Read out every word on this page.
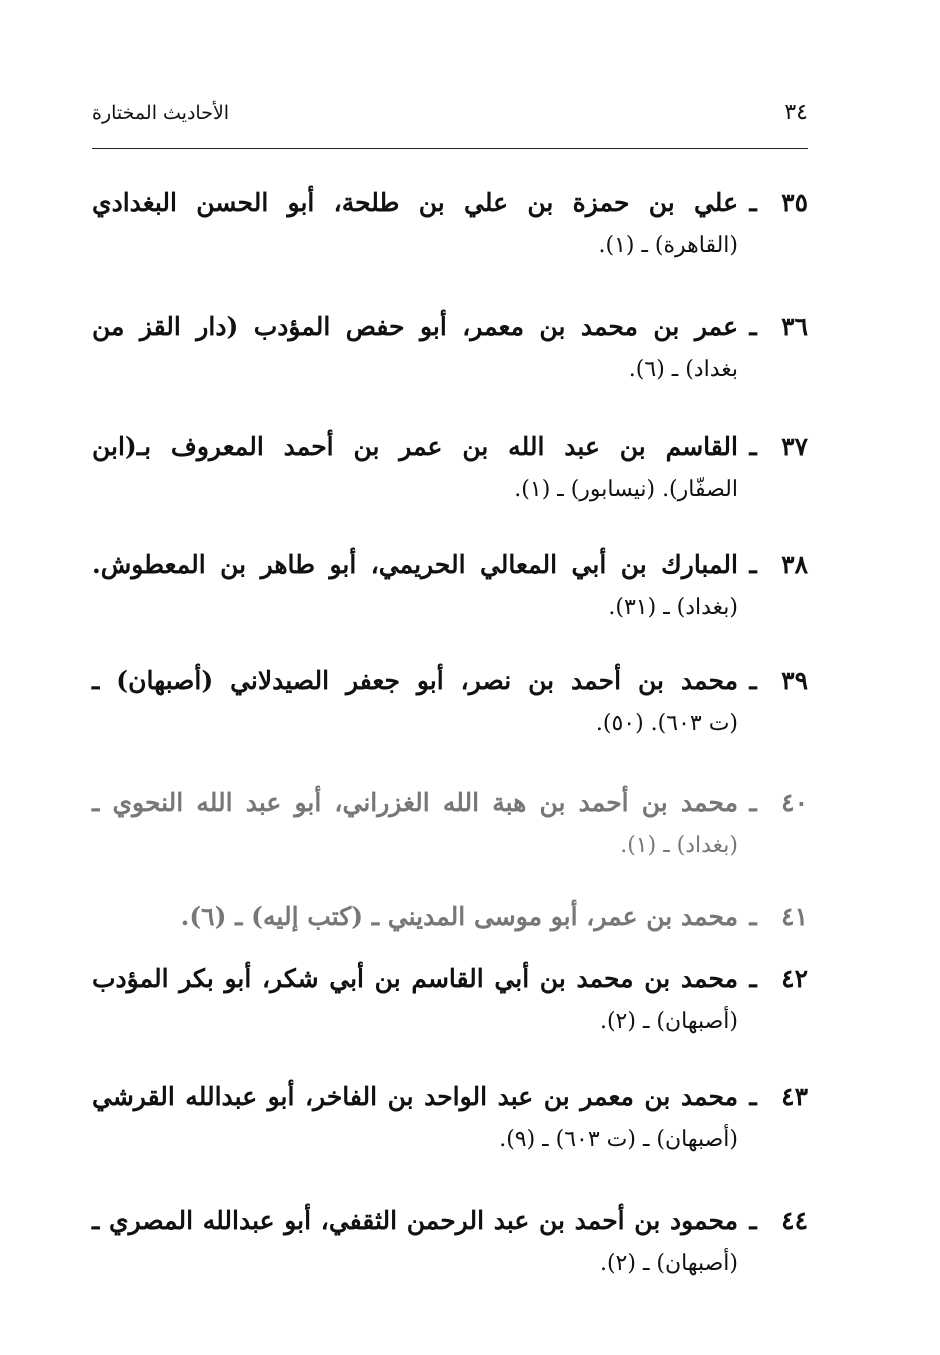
٣٤
الأحاديث المختارة
٣٥
ـ
علي بن حمزة بن علي بن طلحة، أبو الحسن البغدادي
(القاهرة) ـ (١).
٣٦
ـ
عمر بن محمد بن معمر، أبو حفص المؤدب (دار القز من
بغداد) ـ (٦).
٣٧
ـ
القاسم بن عبد الله بن عمر بن أحمد المعروف بـ(ابن
الصفّار). (نيسابور) ـ (١).
٣٨
ـ
المبارك بن أبي المعالي الحريمي، أبو طاهر بن المعطوش.
(بغداد) ـ (٣١).
٣٩
ـ
محمد بن أحمد بن نصر، أبو جعفر الصيدلاني (أصبهان) ـ
(ت ٦٠٣). (٥٠).
٤٠
ـ
محمد بن أحمد بن هبة الله الغزراني، أبو عبد الله النحوي ـ
(بغداد) ـ (١).
٤١
ـ
محمد بن عمر، أبو موسى المديني ـ (كتب إليه) ـ (٦).
٤٢
ـ
محمد بن محمد بن أبي القاسم بن أبي شكر، أبو بكر المؤدب
(أصبهان) ـ (٢).
٤٣
ـ
محمد بن معمر بن عبد الواحد بن الفاخر، أبو عبدالله القرشي
(أصبهان) ـ (ت ٦٠٣) ـ (٩).
٤٤
ـ
محمود بن أحمد بن عبد الرحمن الثقفي، أبو عبدالله المصري ـ
(أصبهان) ـ (٢).
